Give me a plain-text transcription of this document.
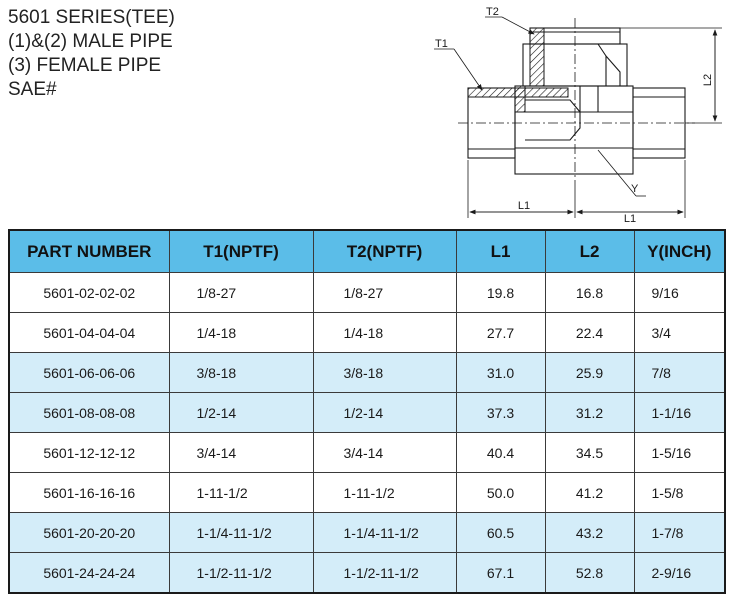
5601 SERIES(TEE)
(1)&(2) MALE PIPE
(3) FEMALE PIPE
SAE#	L2
L1
L1
Y
T2
T1
PART NUMBER	T1(NPTF)	T2(NPTF)	L1	L2	Y(INCH)
5601-02-02-02	1/8-27	1/8-27	19.8	16.8	9/16
5601-04-04-04	1/4-18	1/4-18	27.7	22.4	3/4
5601-06-06-06	3/8-18	3/8-18	31.0	25.9	7/8
5601-08-08-08	1/2-14	1/2-14	37.3	31.2	1-1/16
5601-12-12-12	3/4-14	3/4-14	40.4	34.5	1-5/16
5601-16-16-16	1-11-1/2	1-11-1/2	50.0	41.2	1-5/8
5601-20-20-20	1-1/4-11-1/2	1-1/4-11-1/2	60.5	43.2	1-7/8
5601-24-24-24	1-1/2-11-1/2	1-1/2-11-1/2	67.1	52.8	2-9/16
